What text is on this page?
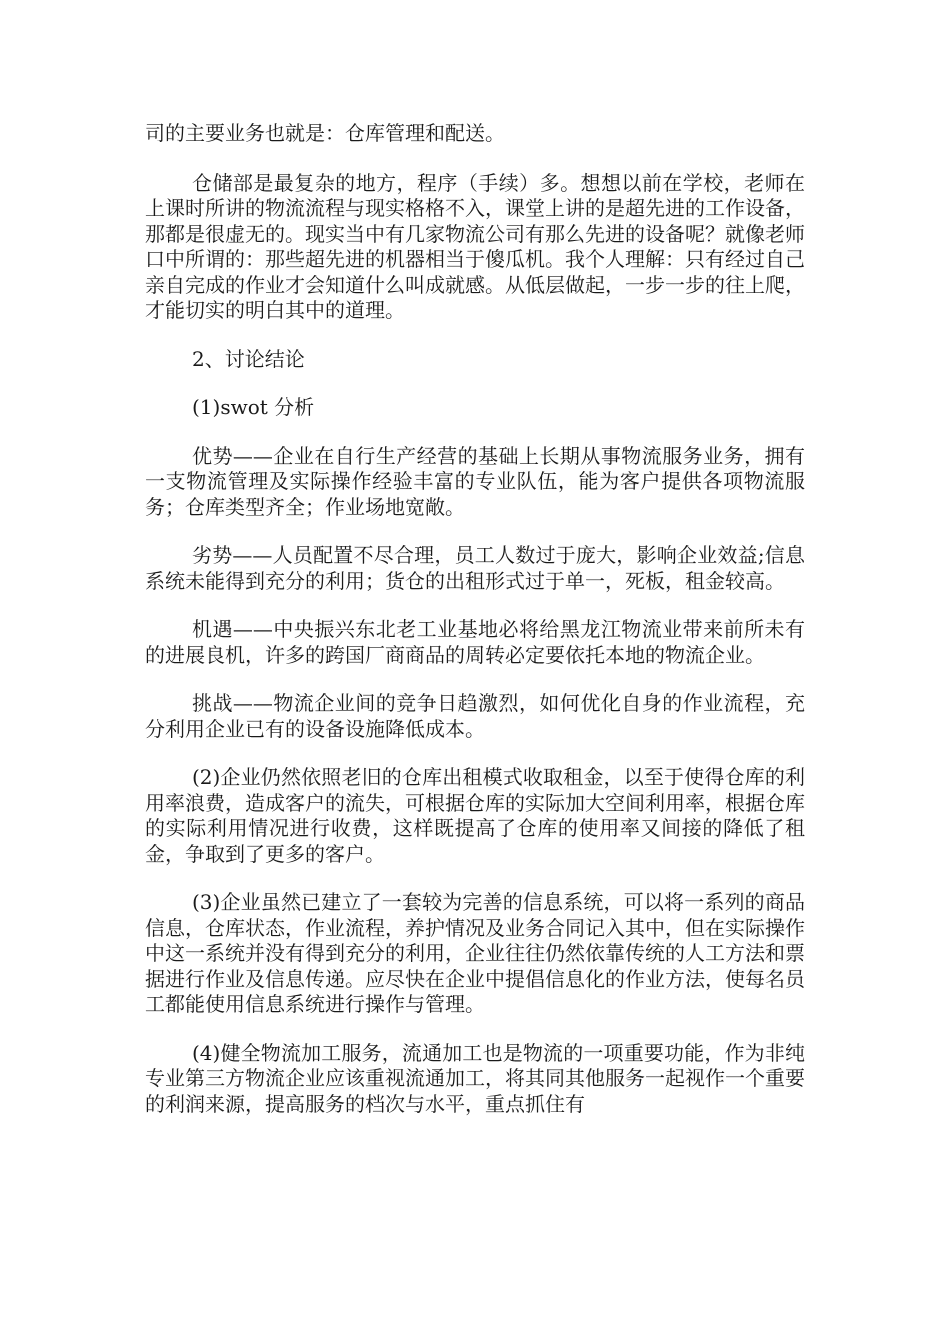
司的主要业务也就是：仓库管理和配送。

仓储部是最复杂的地方，程序（手续）多。想想以前在学校，老师在上课时所讲的物流流程与现实格格不入，课堂上讲的是超先进的工作设备，那都是很虚无的。现实当中有几家物流公司有那么先进的设备呢？就像老师口中所谓的：那些超先进的机器相当于傻瓜机。我个人理解：只有经过自己亲自完成的作业才会知道什么叫成就感。从低层做起，一步一步的往上爬，才能切实的明白其中的道理。

2、讨论结论

(1)swot 分析

优势——企业在自行生产经营的基础上长期从事物流服务业务，拥有一支物流管理及实际操作经验丰富的专业队伍，能为客户提供各项物流服务；仓库类型齐全；作业场地宽敞。

劣势——人员配置不尽合理，员工人数过于庞大，影响企业效益;信息系统未能得到充分的利用；货仓的出租形式过于单一，死板，租金较高。

机遇——中央振兴东北老工业基地必将给黑龙江物流业带来前所未有的进展良机，许多的跨国厂商商品的周转必定要依托本地的物流企业。

挑战——物流企业间的竞争日趋激烈，如何优化自身的作业流程，充分利用企业已有的设备设施降低成本。

(2)企业仍然依照老旧的仓库出租模式收取租金，以至于使得仓库的利用率浪费，造成客户的流失，可根据仓库的实际加大空间利用率，根据仓库的实际利用情况进行收费，这样既提高了仓库的使用率又间接的降低了租金，争取到了更多的客户。

(3)企业虽然已建立了一套较为完善的信息系统，可以将一系列的商品信息，仓库状态，作业流程，养护情况及业务合同记入其中，但在实际操作中这一系统并没有得到充分的利用，企业往往仍然依靠传统的人工方法和票据进行作业及信息传递。应尽快在企业中提倡信息化的作业方法，使每名员工都能使用信息系统进行操作与管理。

(4)健全物流加工服务，流通加工也是物流的一项重要功能，作为非纯专业第三方物流企业应该重视流通加工，将其同其他服务一起视作一个重要的利润来源，提高服务的档次与水平，重点抓住有
